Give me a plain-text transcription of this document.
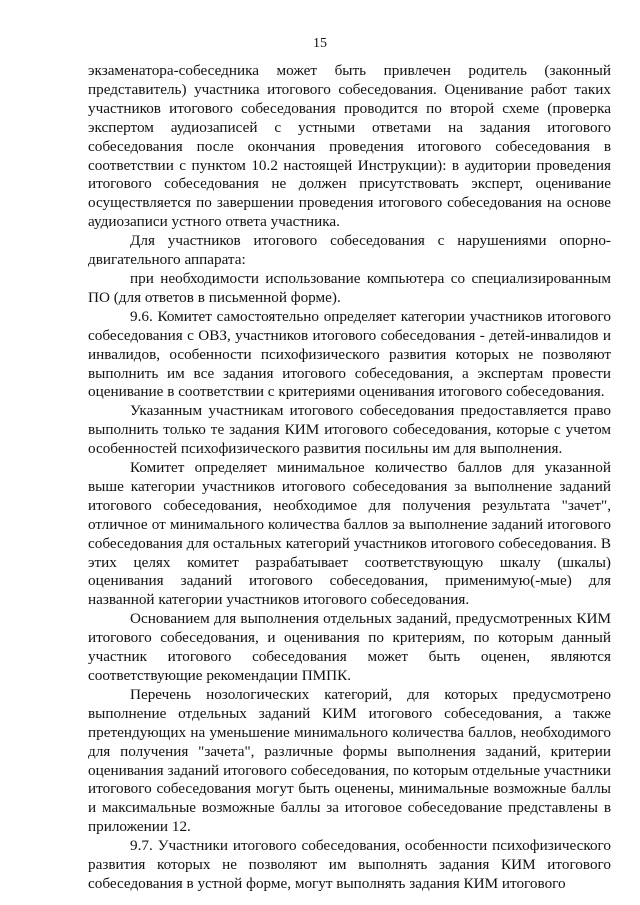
15

экзаменатора-собеседника может быть привлечен родитель (законный представитель) участника итогового собеседования. Оценивание работ таких участников итогового собеседования проводится по второй схеме (проверка экспертом аудиозаписей с устными ответами на задания итогового собеседования после окончания проведения итогового собеседования в соответствии с пунктом 10.2 настоящей Инструкции): в аудитории проведения итогового собеседования не должен присутствовать эксперт, оценивание осуществляется по завершении проведения итогового собеседования на основе аудиозаписи устного ответа участника.

Для участников итогового собеседования с нарушениями опорно-двигательного аппарата:

при необходимости использование компьютера со специализированным ПО (для ответов в письменной форме).

9.6. Комитет самостоятельно определяет категории участников итогового собеседования с ОВЗ, участников итогового собеседования - детей-инвалидов и инвалидов, особенности психофизического развития которых не позволяют выполнить им все задания итогового собеседования, а экспертам провести оценивание в соответствии с критериями оценивания итогового собеседования.

Указанным участникам итогового собеседования предоставляется право выполнить только те задания КИМ итогового собеседования, которые с учетом особенностей психофизического развития посильны им для выполнения.

Комитет определяет минимальное количество баллов для указанной выше категории участников итогового собеседования за выполнение заданий итогового собеседования, необходимое для получения результата "зачет", отличное от минимального количества баллов за выполнение заданий итогового собеседования для остальных категорий участников итогового собеседования. В этих целях комитет разрабатывает соответствующую шкалу (шкалы) оценивания заданий итогового собеседования, применимую(-мые) для названной категории участников итогового собеседования.

Основанием для выполнения отдельных заданий, предусмотренных КИМ итогового собеседования, и оценивания по критериям, по которым данный участник итогового собеседования может быть оценен, являются соответствующие рекомендации ПМПК.

Перечень нозологических категорий, для которых предусмотрено выполнение отдельных заданий КИМ итогового собеседования, а также претендующих на уменьшение минимального количества баллов, необходимого для получения "зачета", различные формы выполнения заданий, критерии оценивания заданий итогового собеседования, по которым отдельные участники итогового собеседования могут быть оценены, минимальные возможные баллы и максимальные возможные баллы за итоговое собеседование представлены в приложении 12.

9.7. Участники итогового собеседования, особенности психофизического развития которых не позволяют им выполнять задания КИМ итогового собеседования в устной форме, могут выполнять задания КИМ итогового
